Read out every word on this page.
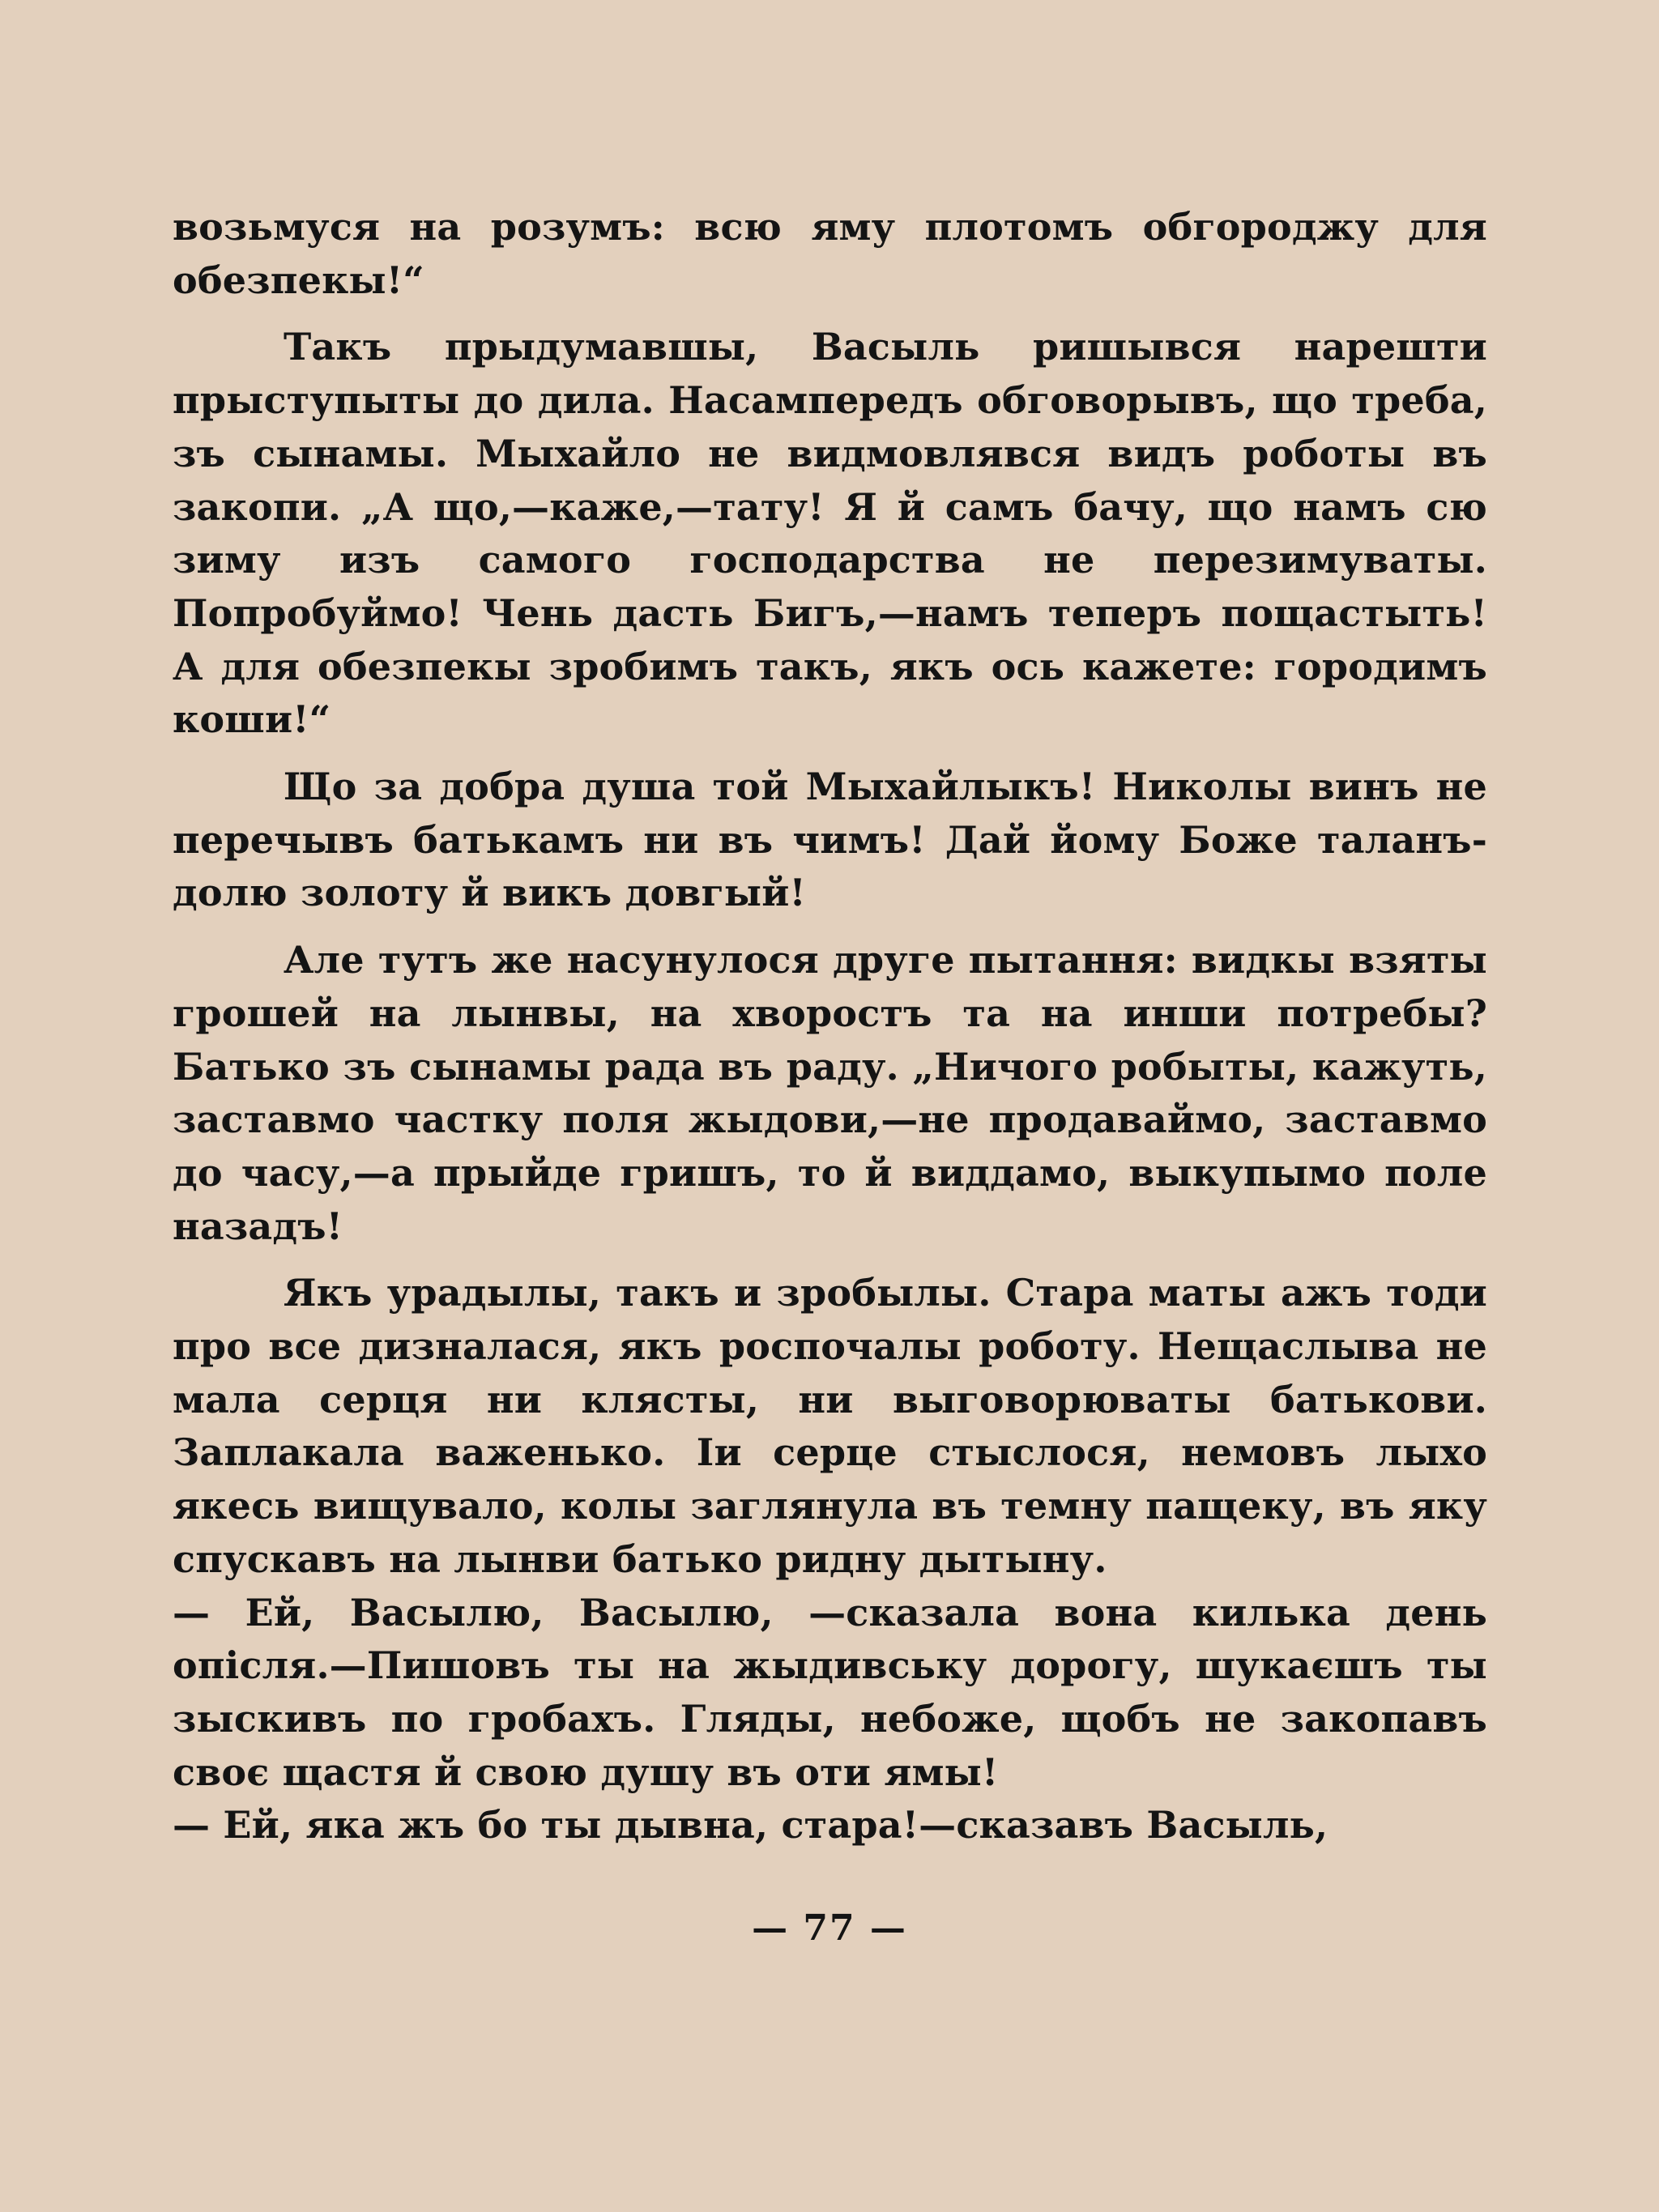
возьмуся на розумъ: всю яму плотомъ обгороджу для обезпекы!“

Такъ прыдумавшы, Васыль ришывся нарешти прыступыты до дила. Насампередъ обговорывъ, що треба, зъ сынамы. Мыхайло не видмовлявся видъ роботы въ закопи. „А що,—каже,—тату! Я й самъ бачу, що намъ сю зиму изъ самого господарства не перезимуваты. Попробуймо! Чень дасть Бигъ,—намъ теперъ пощастыть! А для обезпекы зробимъ такъ, якъ ось кажете: городимъ коши!“

Що за добра душа той Мыхайлыкъ! Николы винъ не перечывъ батькамъ ни въ чимъ! Дай йому Боже таланъ-долю золоту й викъ довгый!

Але тутъ же насунулося друге пытання: видкы взяты грошей на лынвы, на хворостъ та на инши потребы? Батько зъ сынамы рада въ раду. „Ничого робыты, кажуть, заставмо частку поля жыдови,—не продаваймо, заставмо до часу,—а прыйде гришъ, то й виддамо, выкупымо поле назадъ!

Якъ урадылы, такъ и зробылы. Стара маты ажъ тоди про все дизналася, якъ роспочалы роботу. Нещаслыва не мала серця ни клясты, ни выговорюваты батькови. Заплакала важенько. Іи серце стыслося, немовъ лыхо якесь вищувало, колы заглянула въ темну пащеку, въ яку спускавъ на лынви батько ридну дытыну.

— Ей, Васылю, Васылю, —сказала вона килька день опісля.—Пишовъ ты на жыдивську дорогу, шукаєшъ ты зыскивъ по гробахъ. Гляды, небоже, щобъ не закопавъ своє щастя й свою душу въ оти ямы!

— Ей, яка жъ бо ты дывна, стара!—сказавъ Васыль,

— 77 —
